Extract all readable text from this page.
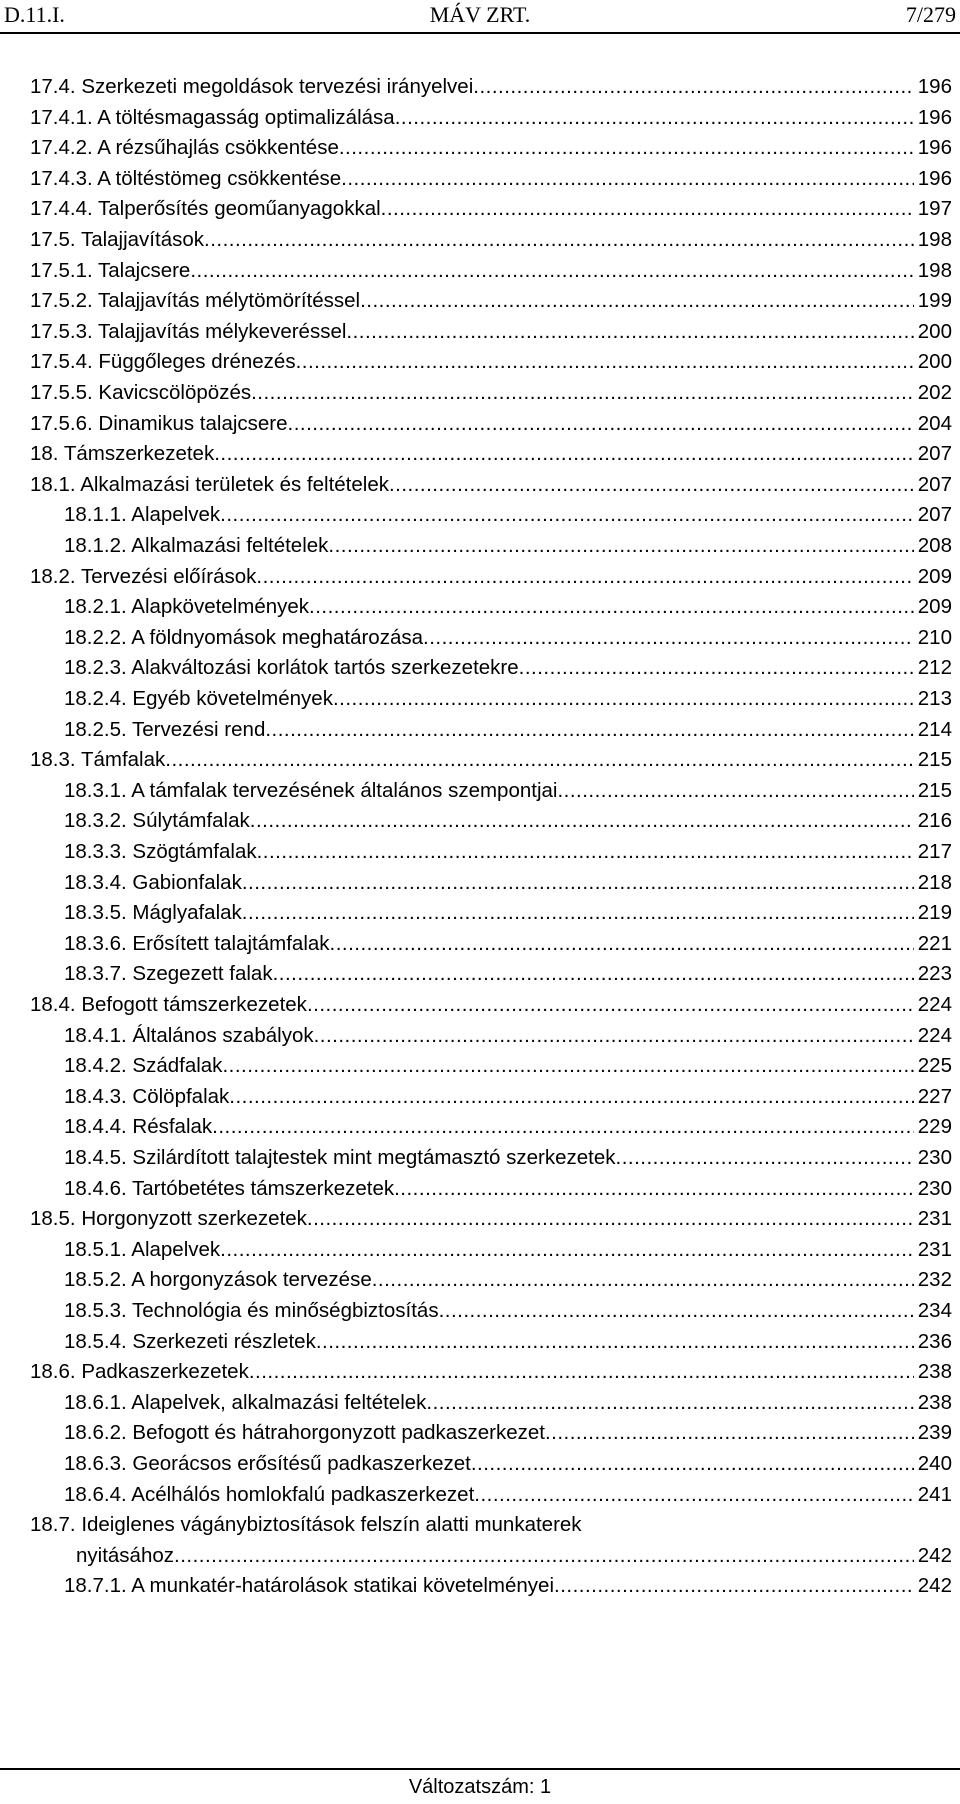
D.11.I.	MÁV ZRT.	7/279
17.4. Szerkezeti megoldások tervezési irányelvei . . .	196
17.4.1. A töltésmagasság optimalizálása . . .	196
17.4.2. A rézsűhajlás csökkentése . . .	196
17.4.3. A töltéstömeg csökkentése . . .	196
17.4.4. Talperősítés geoműanyagokkal . . .	197
17.5. Talajjavítások . . .	198
17.5.1. Talajcsere . . .	198
17.5.2. Talajjavítás mélytömörítéssel . . .	199
17.5.3. Talajjavítás mélykeveréssel . . .	200
17.5.4. Függőleges drénezés . . .	200
17.5.5. Kavicscölöpözés . . .	202
17.5.6. Dinamikus talajcsere . . .	204
18. Támszerkezetek . . .	207
18.1. Alkalmazási területek és feltételek . . .	207
18.1.1. Alapelvek . . .	207
18.1.2. Alkalmazási feltételek . . .	208
18.2. Tervezési előírások . . .	209
18.2.1. Alapkövetelmények . . .	209
18.2.2. A földnyomások meghatározása . . .	210
18.2.3. Alakváltozási korlátok tartós szerkezetekre . . .	212
18.2.4. Egyéb követelmények . . .	213
18.2.5. Tervezési rend . . .	214
18.3. Támfalak . . .	215
18.3.1. A támfalak tervezésének általános szempontjai . . .	215
18.3.2. Súlytámfalak . . .	216
18.3.3. Szögtámfalak . . .	217
18.3.4. Gabionfalak . . .	218
18.3.5. Máglyafalak . . .	219
18.3.6. Erősített talajtámfalak . . .	221
18.3.7. Szegezett falak . . .	223
18.4. Befogott támszerkezetek . . .	224
18.4.1. Általános szabályok . . .	224
18.4.2. Szádfalak . . .	225
18.4.3. Cölöpfalak . . .	227
18.4.4. Résfalak . . .	229
18.4.5. Szilárdított talajtestek mint megtámasztó szerkezetek . . .	230
18.4.6. Tartóbetétes támszerkezetek . . .	230
18.5. Horgonyzott szerkezetek . . .	231
18.5.1. Alapelvek . . .	231
18.5.2. A horgonyzások tervezése . . .	232
18.5.3. Technológia és minőségbiztosítás . . .	234
18.5.4. Szerkezeti részletek . . .	236
18.6. Padkaszerkezetek . . .	238
18.6.1. Alapelvek, alkalmazási feltételek . . .	238
18.6.2. Befogott és hátrahorgonyzott padkaszerkezet . . .	239
18.6.3. Georácsos erősítésű padkaszerkezet . . .	240
18.6.4. Acélhálós homlokfalú padkaszerkezet . . .	241
18.7. Ideiglenes vágánybiztosítások felszín alatti munkaterek
nyitásához . . .	242
18.7.1. A munkatér-határolások statikai követelményei . . .	242
Változatszám: 1
